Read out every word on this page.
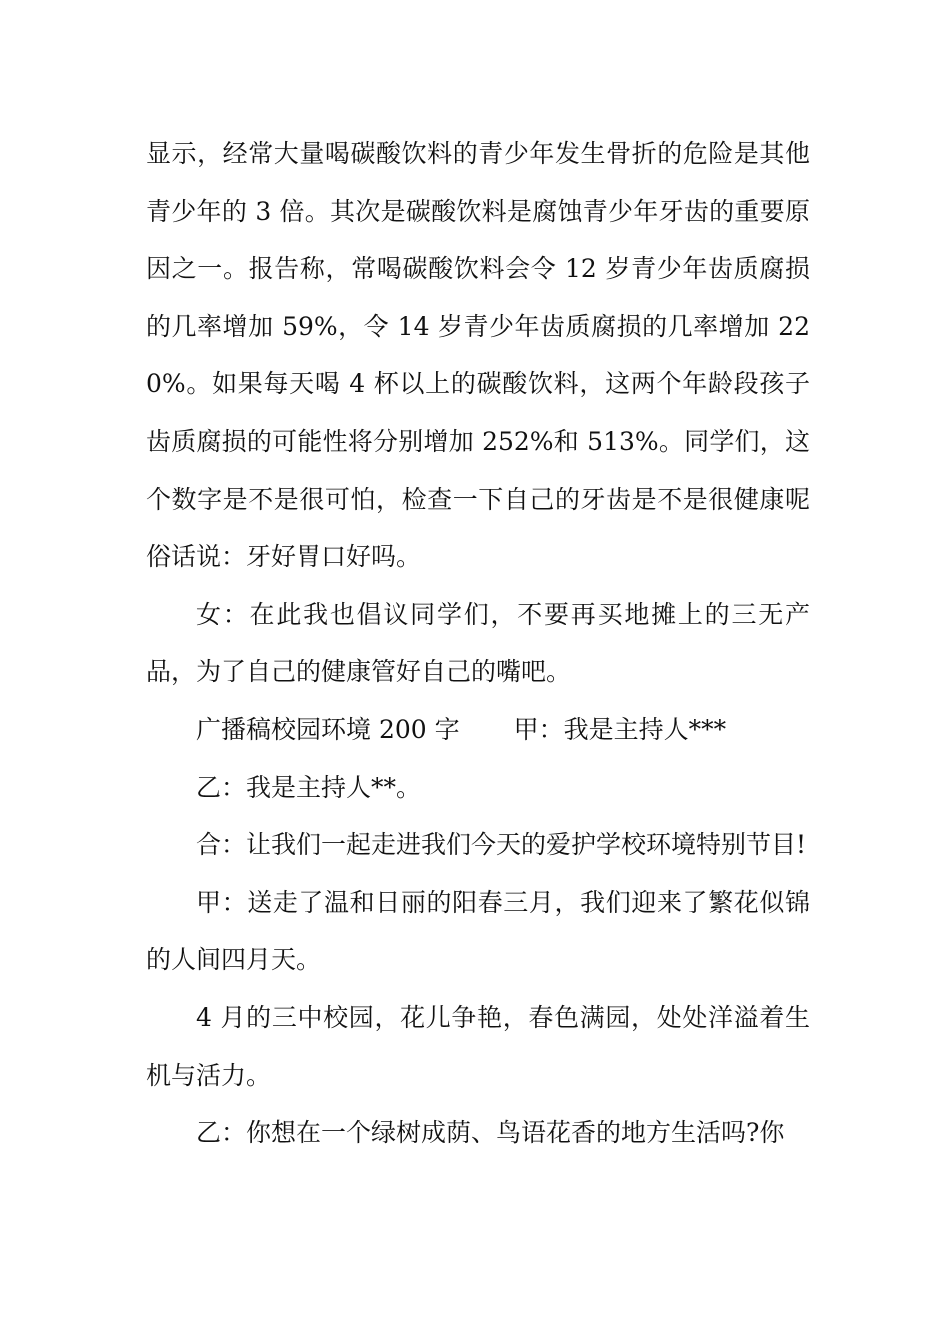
显示，经常大量喝碳酸饮料的青少年发生骨折的危险是其他青少年的 3 倍。其次是碳酸饮料是腐蚀青少年牙齿的重要原因之一。报告称，常喝碳酸饮料会令 12 岁青少年齿质腐损的几率增加 59%，令 14 岁青少年齿质腐损的几率增加 220%。如果每天喝 4 杯以上的碳酸饮料，这两个年龄段孩子齿质腐损的可能性将分别增加 252%和 513%。同学们，这个数字是不是很可怕，检查一下自己的牙齿是不是很健康呢俗话说：牙好胃口好吗。

女：在此我也倡议同学们，不要再买地摊上的三无产品，为了自己的健康管好自己的嘴吧。

广播稿校园环境 200 字 甲：我是主持人***

乙：我是主持人**。

合：让我们一起走进我们今天的爱护学校环境特别节目!

甲：送走了温和日丽的阳春三月，我们迎来了繁花似锦的人间四月天。

4 月的三中校园，花儿争艳，春色满园，处处洋溢着生机与活力。

乙：你想在一个绿树成荫、鸟语花香的地方生活吗?你
